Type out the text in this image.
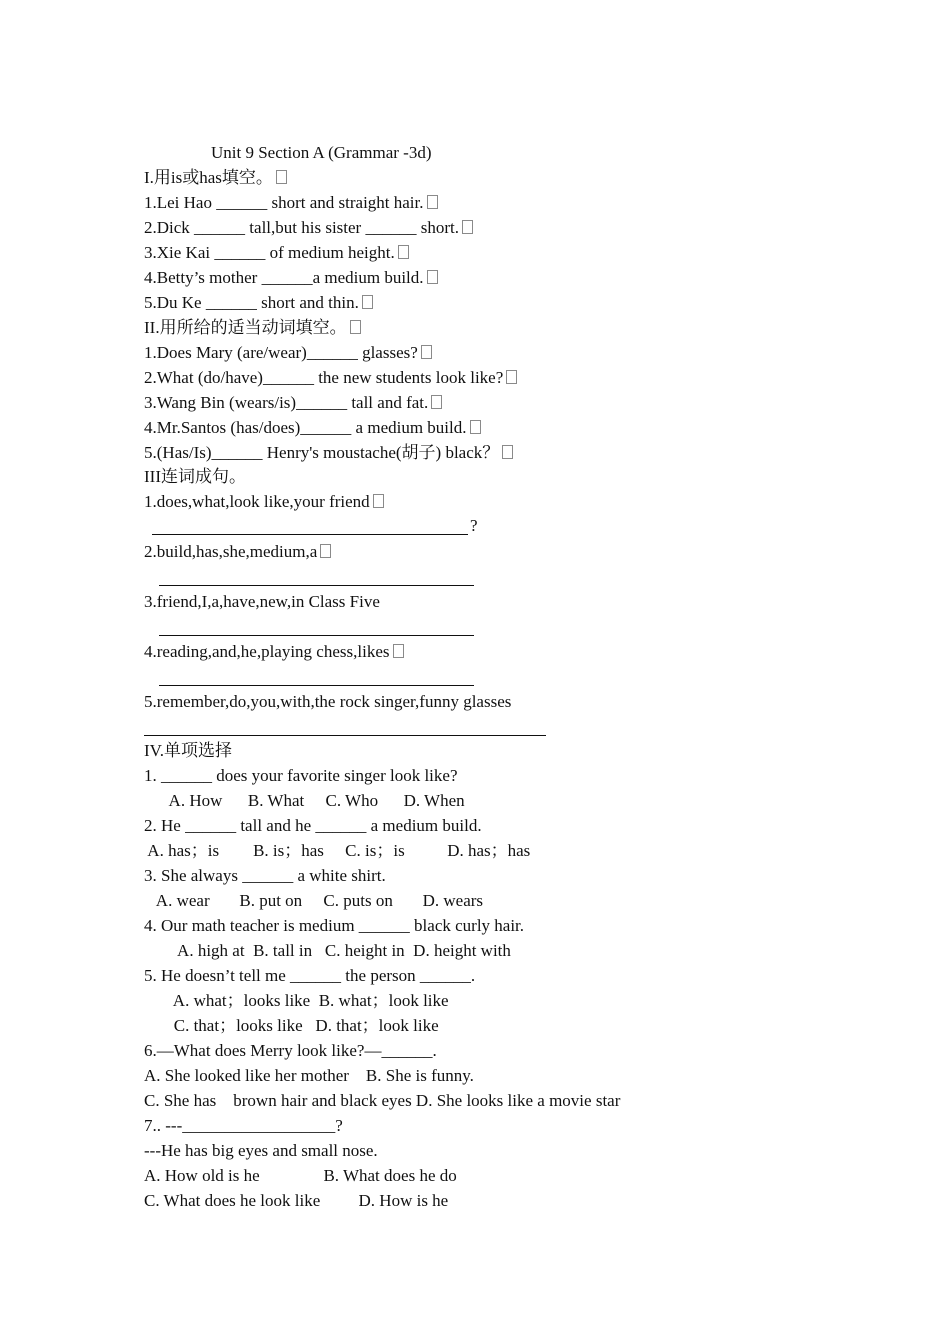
Unit 9 Section A (Grammar -3d)
I.用is或has填空。
1.Lei Hao ______ short and straight hair.
2.Dick ______ tall,but his sister ______ short.
3.Xie Kai ______ of medium height.
4.Betty’s mother ______a medium build.
5.Du Ke ______ short and thin.
II.用所给的适当动词填空。
1.Does Mary (are/wear)______ glasses?
2.What (do/have)______ the new students look like?
3.Wang Bin (wears/is)______ tall and fat.
4.Mr.Santos (has/does)______ a medium build.
5.(Has/Is)______ Henry's moustache(胡子) black？
III连词成句。
1.does,what,look like,your friend
?
2.build,has,she,medium,a
3.friend,I,a,have,new,in Class Five
4.reading,and,he,playing chess,likes
5.remember,do,you,with,the rock singer,funny glasses
IV.单项选择
1. ______ does your favorite singer look like?
A. How      B. What     C. Who      D. When
2. He ______ tall and he ______ a medium build.
A. has；is        B. is；has     C. is；is          D. has；has
3. She always ______ a white shirt.
A. wear       B. put on     C. puts on       D. wears
4. Our math teacher is medium ______ black curly hair.
A. high at  B. tall in   C. height in  D. height with
5. He doesn’t tell me ______ the person ______.
A. what；looks like  B. what；look like
C. that；looks like   D. that；look like
6.—What does Merry look like?—______.
A. She looked like her mother    B. She is funny.
C. She has    brown hair and black eyes D. She looks like a movie star
7.. ---__________________?
---He has big eyes and small nose.
A. How old is he               B. What does he do
C. What does he look like         D. How is he
